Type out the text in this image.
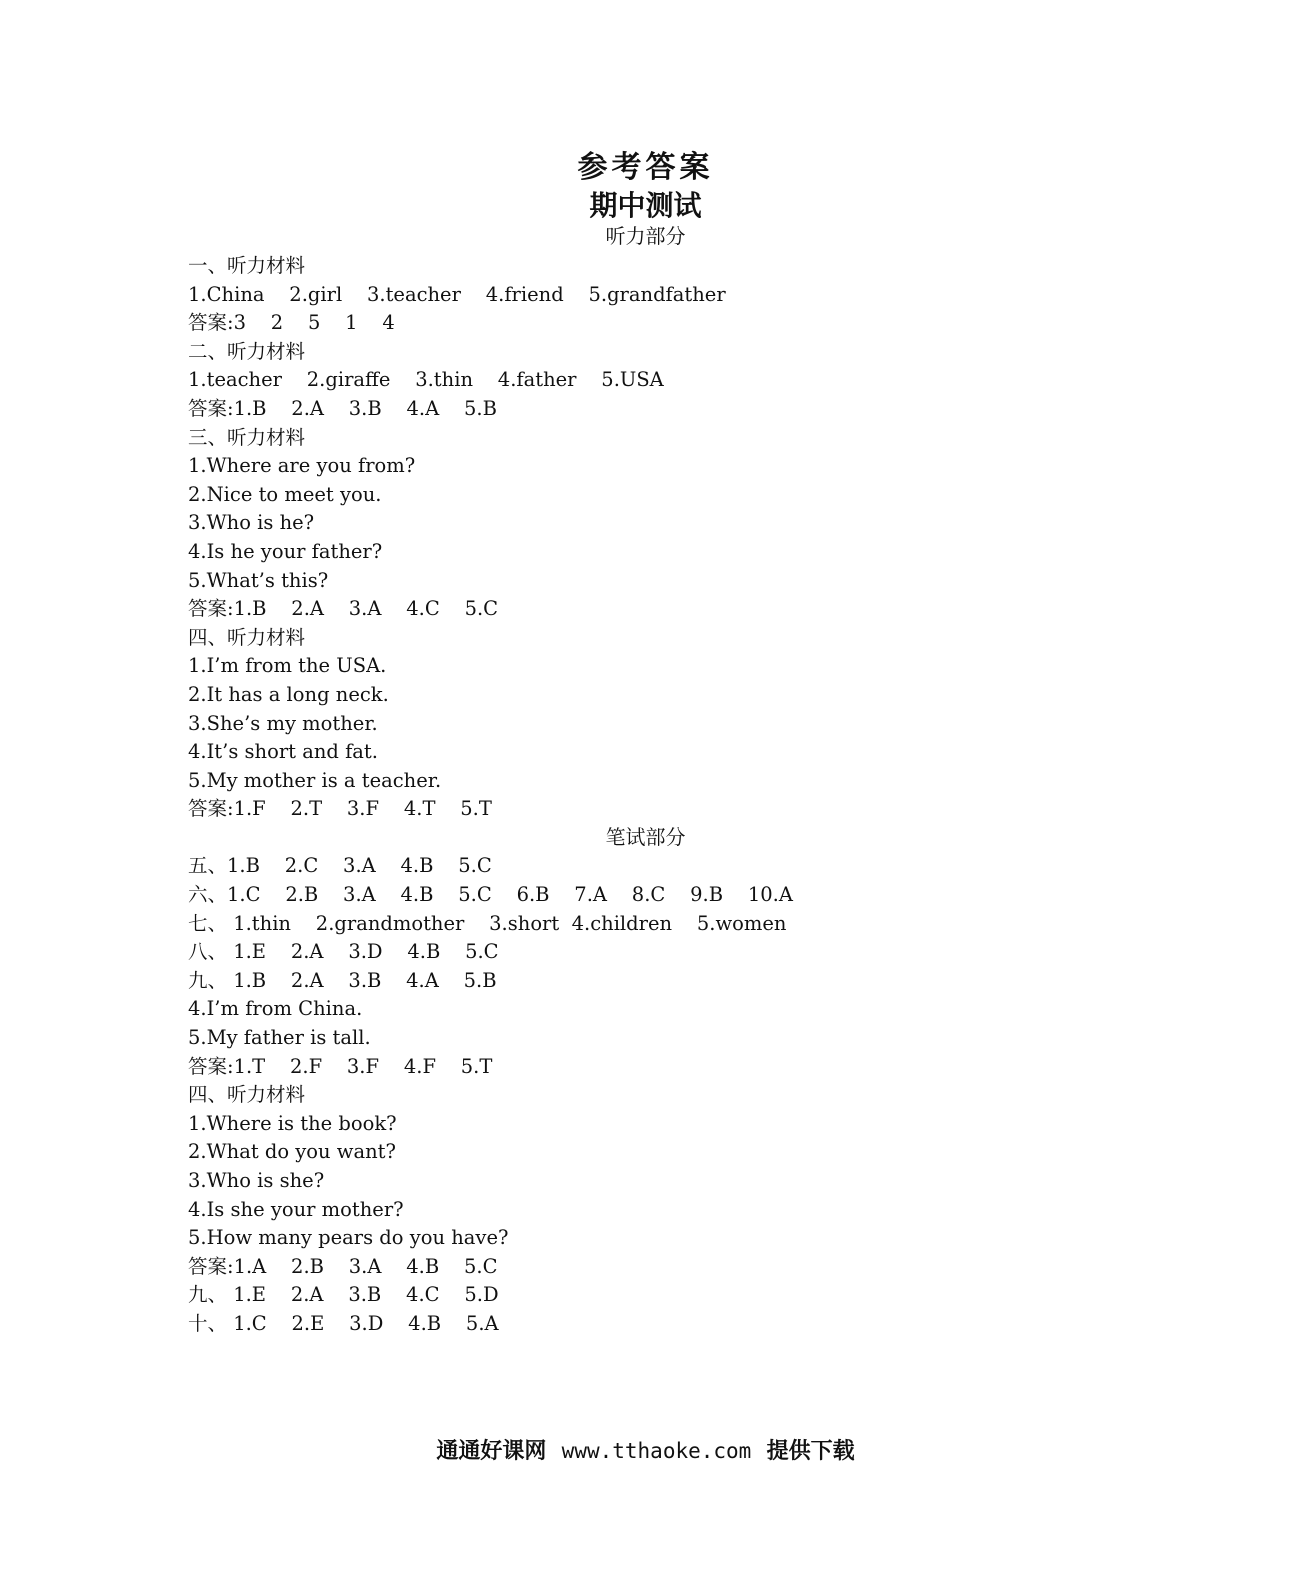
参考答案
期中测试
听力部分
笔试部分
一、听力材料
1.China    2.girl    3.teacher    4.friend    5.grandfather
答案:3    2    5    1    4
二、听力材料
1.teacher    2.giraffe    3.thin    4.father    5.USA
答案:1.B    2.A    3.B    4.A    5.B
三、听力材料
1.Where are you from?
2.Nice to meet you.
3.Who is he?
4.Is he your father?
5.What’s this?
答案:1.B    2.A    3.A    4.C    5.C
四、听力材料
1.I’m from the USA.
2.It has a long neck.
3.She’s my mother.
4.It’s short and fat.
5.My mother is a teacher.
答案:1.F    2.T    3.F    4.T    5.T
五、1.B    2.C    3.A    4.B    5.C
六、1.C    2.B    3.A    4.B    5.C    6.B    7.A    8.C    9.B    10.A
七、 1.thin    2.grandmother    3.short  4.children    5.women
八、 1.E    2.A    3.D    4.B    5.C
九、 1.B    2.A    3.B    4.A    5.B
4.I’m from China.
5.My father is tall.
答案:1.T    2.F    3.F    4.F    5.T
四、听力材料
1.Where is the book?
2.What do you want?
3.Who is she?
4.Is she your mother?
5.How many pears do you have?
答案:1.A    2.B    3.A    4.B    5.C
九、 1.E    2.A    3.B    4.C    5.D
十、 1.C    2.E    3.D    4.B    5.A
通通好课网 www.tthaoke.com 提供下载
